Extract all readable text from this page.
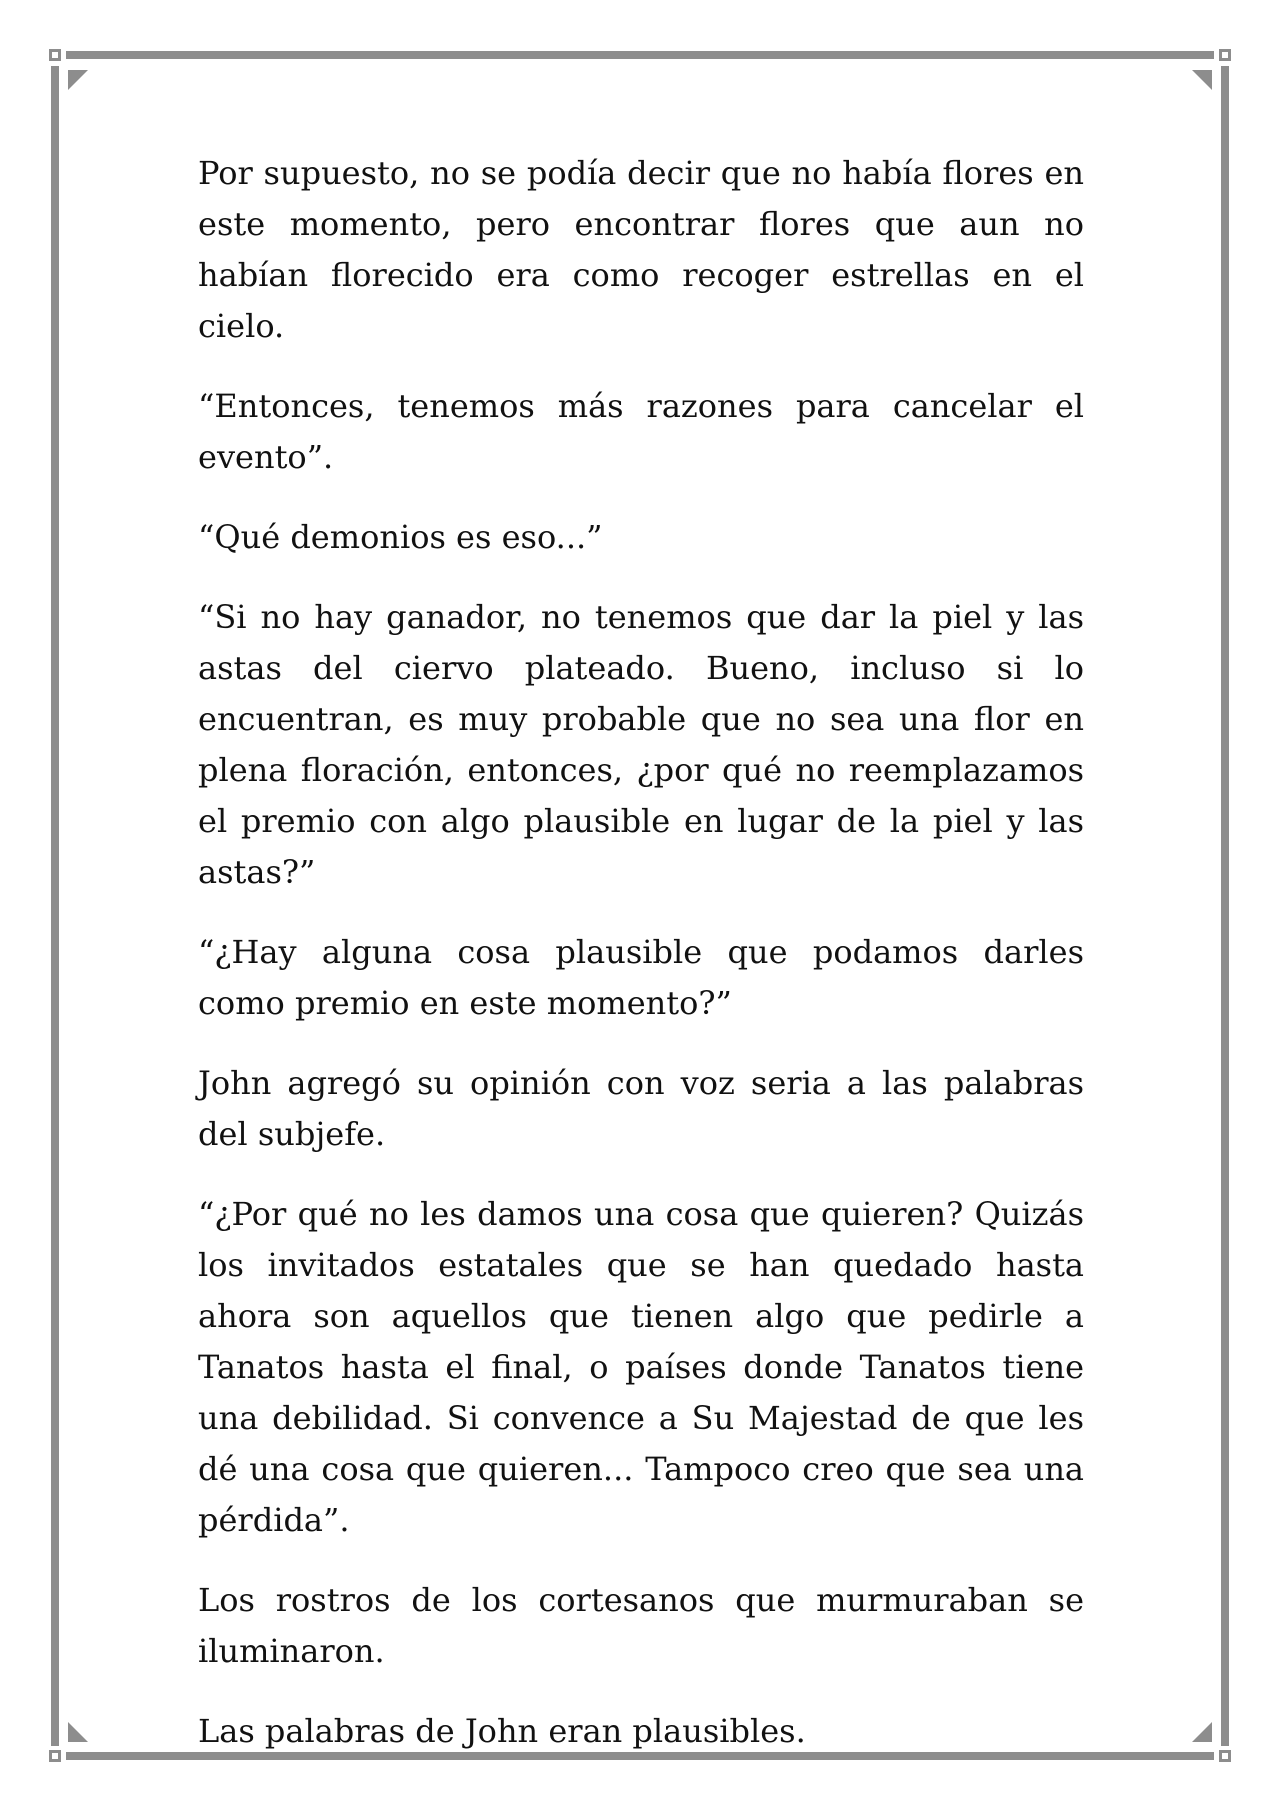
Por supuesto, no se podía decir que no había flores en este momento, pero encontrar flores que aun no habían florecido era como recoger estrellas en el cielo.

“Entonces, tenemos más razones para cancelar el evento”.

“Qué demonios es eso...”

“Si no hay ganador, no tenemos que dar la piel y las astas del ciervo plateado. Bueno, incluso si lo encuentran, es muy probable que no sea una flor en plena floración, entonces, ¿por qué no reemplazamos el premio con algo plausible en lugar de la piel y las astas?”

“¿Hay alguna cosa plausible que podamos darles como premio en este momento?”

John agregó su opinión con voz seria a las palabras del subjefe.

“¿Por qué no les damos una cosa que quieren? Quizás los invitados estatales que se han quedado hasta ahora son aquellos que tienen algo que pedirle a Tanatos hasta el final, o países donde Tanatos tiene una debilidad. Si convence a Su Majestad de que les dé una cosa que quieren... Tampoco creo que sea una pérdida”.

Los rostros de los cortesanos que murmuraban se iluminaron.

Las palabras de John eran plausibles.
